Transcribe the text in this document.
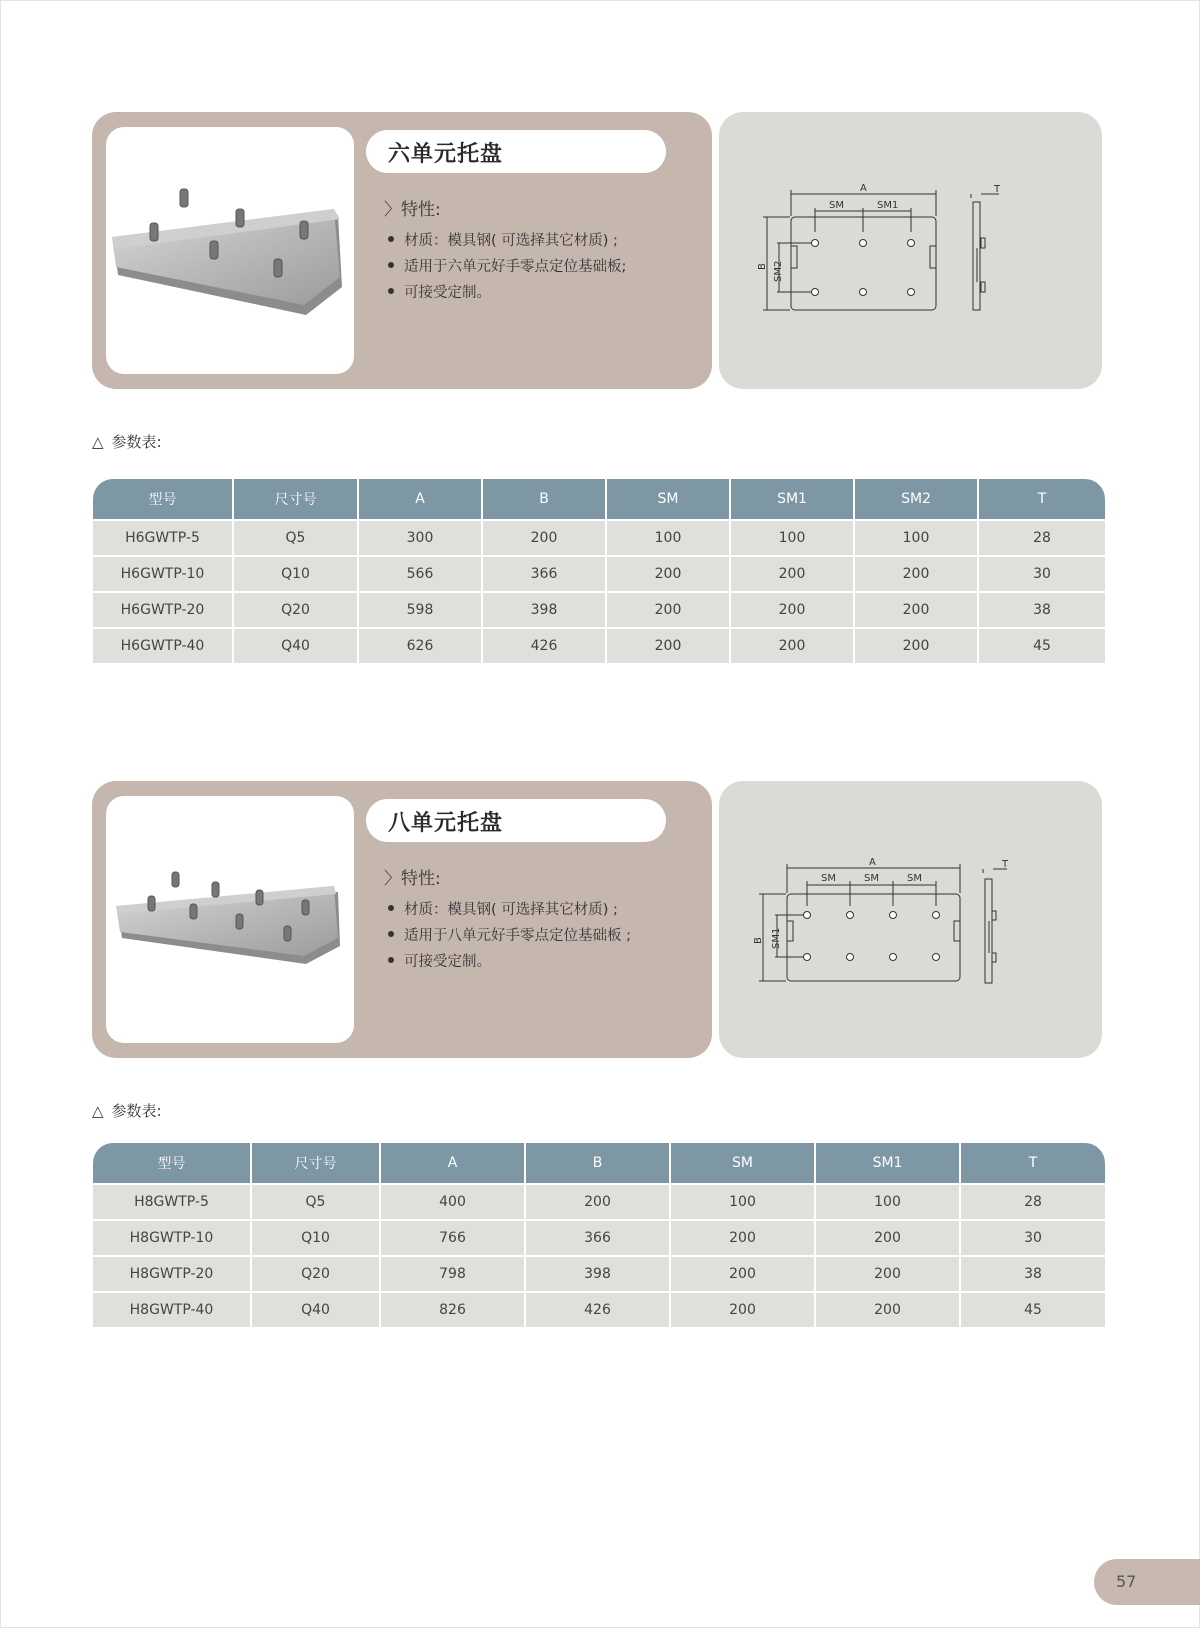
六单元托盘
〉特性:
材质：模具钢( 可选择其它材质) ;
适用于六单元好手零点定位基础板;
可接受定制。
A
SM	SM1
T
B SM2
△ 参数表:
型号	尺寸号	A	B	SM	SM1	SM2	T
H6GWTP-5	Q5	300	200	100	100	100	28
H6GWTP-10	Q10	566	366	200	200	200	30
H6GWTP-20	Q20	598	398	200	200	200	38
H6GWTP-40	Q40	626	426	200	200	200	45
八单元托盘
〉特性:
材质：模具钢( 可选择其它材质) ;
适用于八单元好手零点定位基础板 ;
可接受定制。
A
SM	SM	SM
T
B SM1
△ 参数表:
型号	尺寸号	A	B	SM	SM1	T
H8GWTP-5	Q5	400	200	100	100	28
H8GWTP-10	Q10	766	366	200	200	30
H8GWTP-20	Q20	798	398	200	200	38
H8GWTP-40	Q40	826	426	200	200	45
57
